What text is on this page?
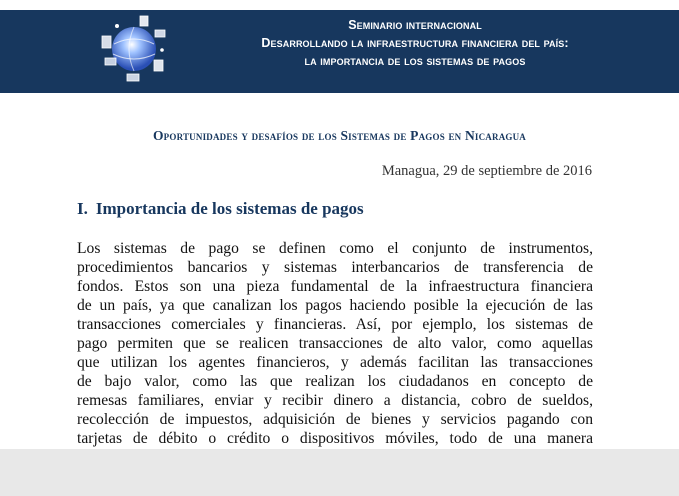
Seminario internacional
Desarrollando la infraestructura financiera del país:
la importancia de los sistemas de pagos
Oportunidades y desafíos de los Sistemas de Pagos en Nicaragua
Managua, 29 de septiembre de 2016
I. Importancia de los sistemas de pagos
Los sistemas de pago se definen como el conjunto de instrumentos,
procedimientos bancarios y sistemas interbancarios de transferencia de
fondos. Estos son una pieza fundamental de la infraestructura financiera
de un país, ya que canalizan los pagos haciendo posible la ejecución de las
transacciones comerciales y financieras. Así, por ejemplo, los sistemas de
pago permiten que se realicen transacciones de alto valor, como aquellas
que utilizan los agentes financieros, y además facilitan las transacciones
de bajo valor, como las que realizan los ciudadanos en concepto de
remesas familiares, enviar y recibir dinero a distancia, cobro de sueldos,
recolección de impuestos, adquisición de bienes y servicios pagando con
tarjetas de débito o crédito o dispositivos móviles, todo de una manera
